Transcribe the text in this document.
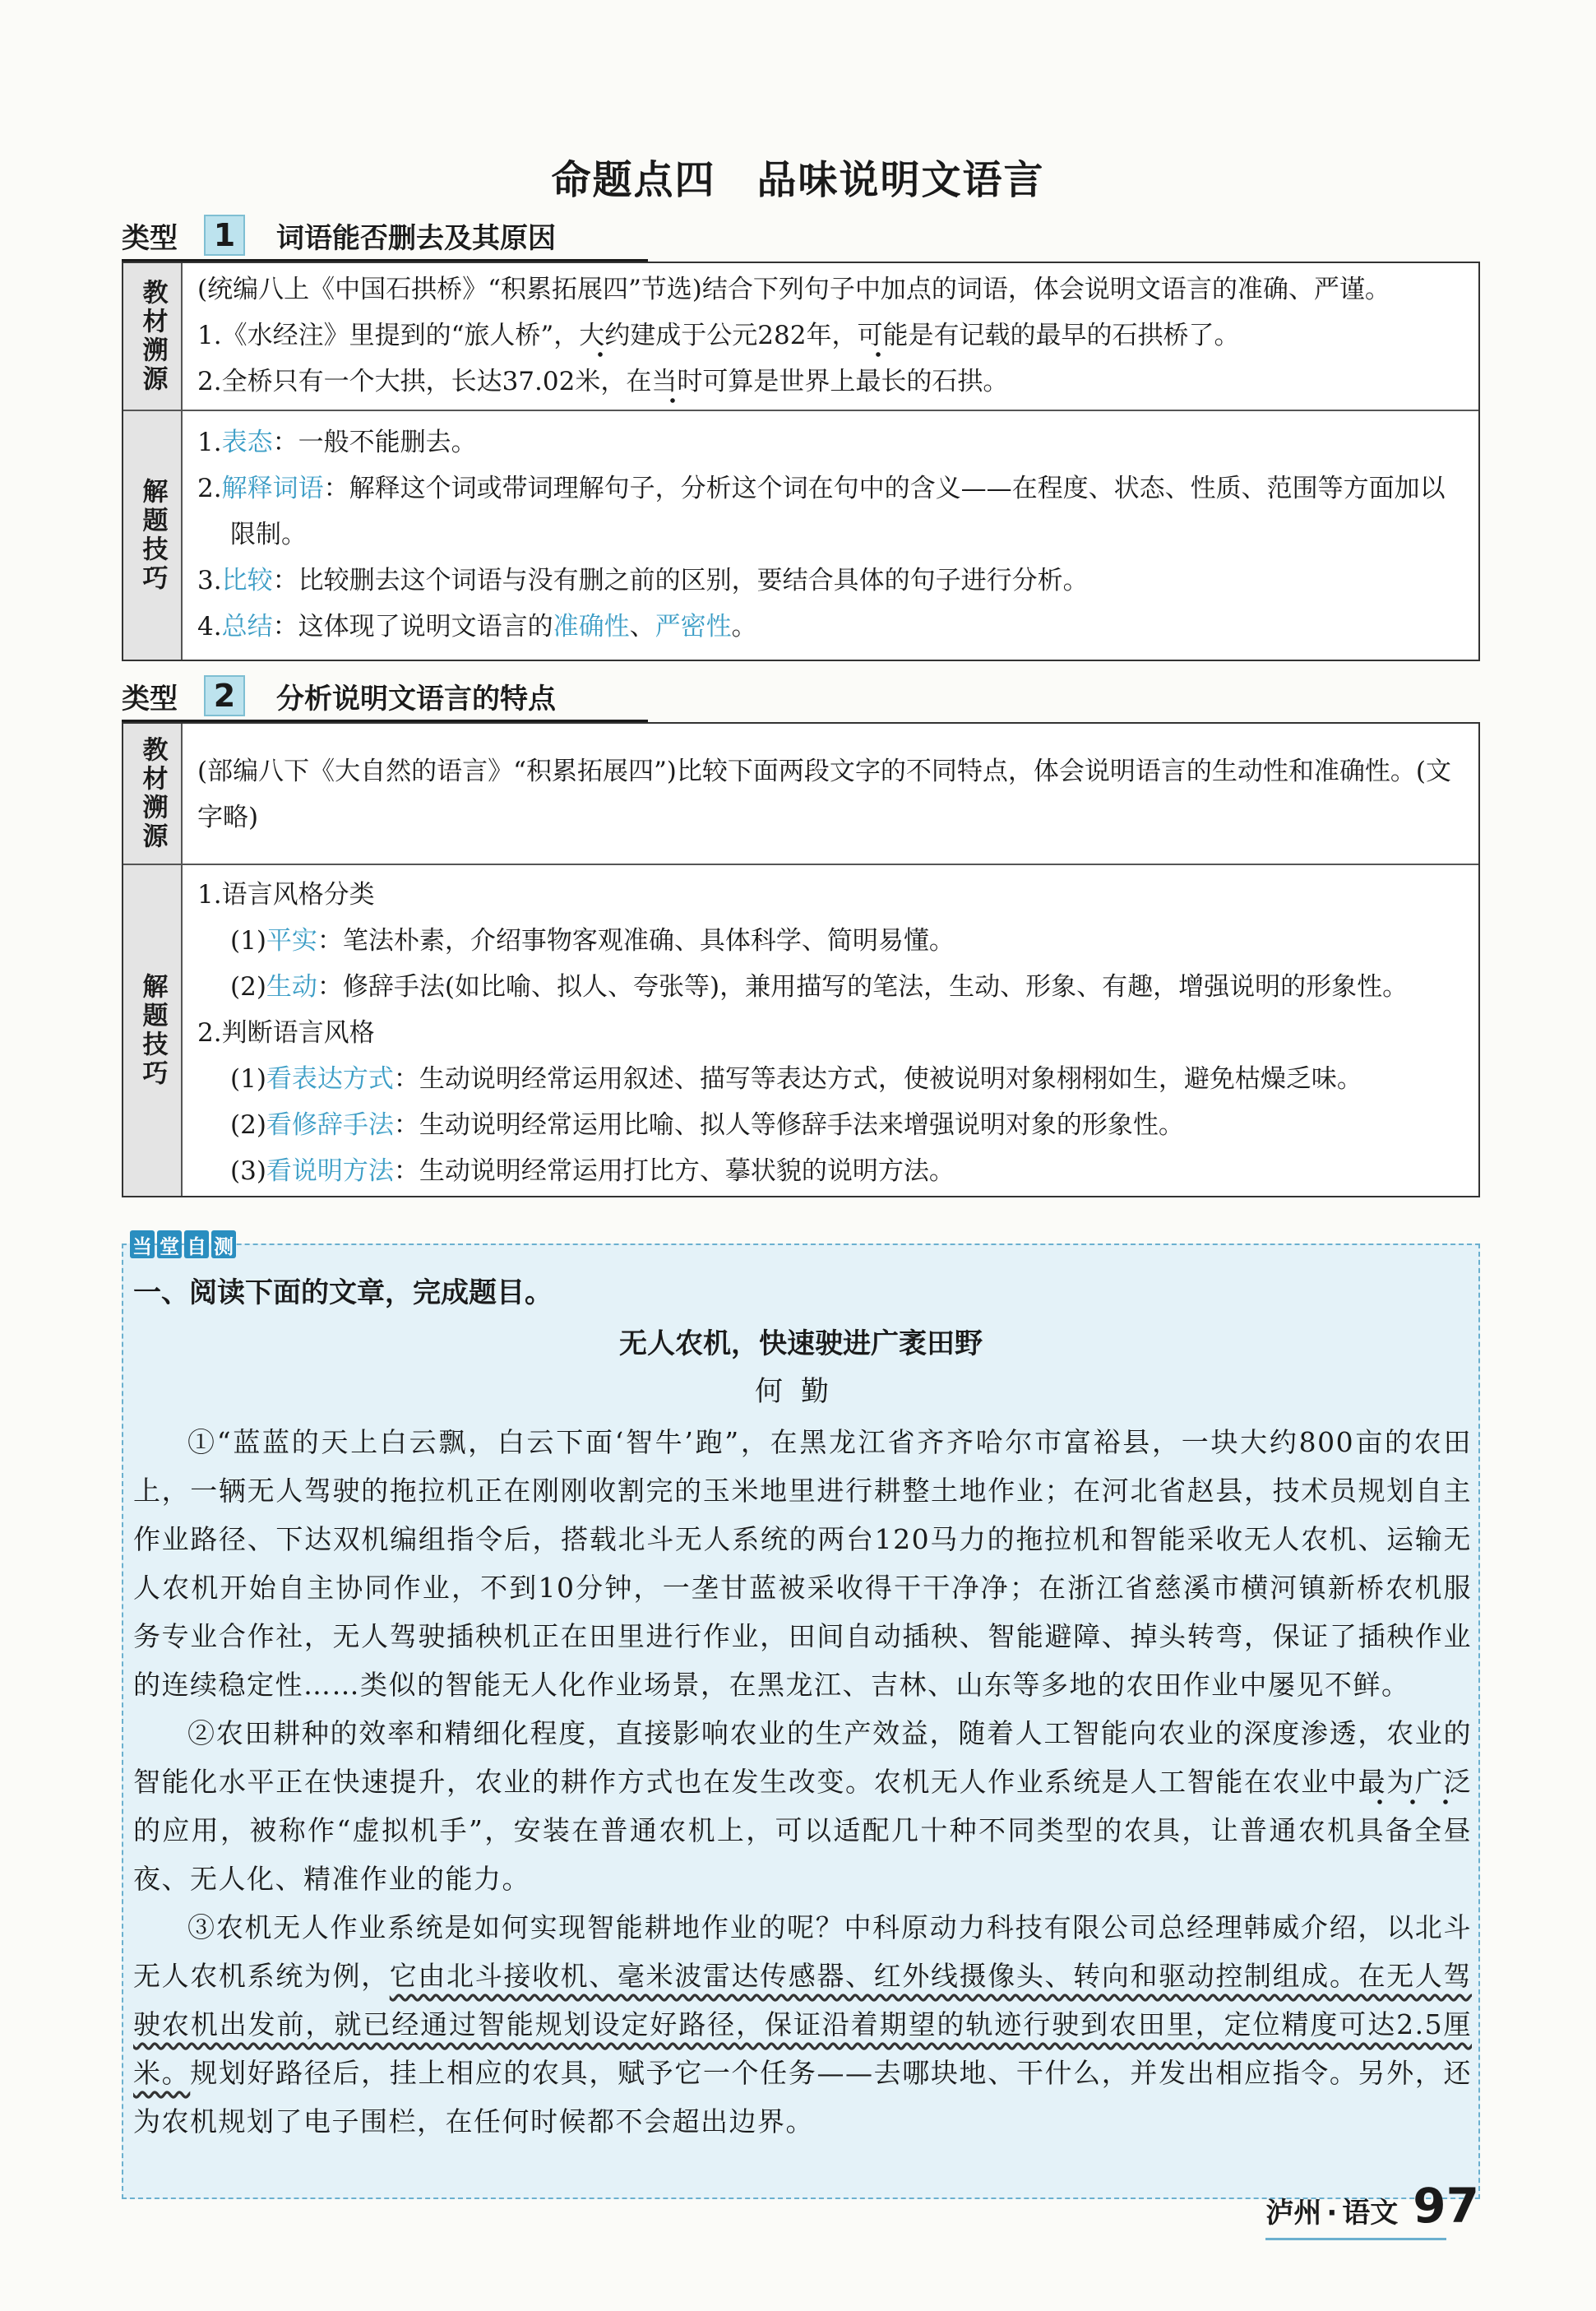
命题点四　品味说明文语言
类型	1	词语能否删去及其原因
教材溯源 (统编八上《中国石拱桥》“积累拓展四”节选)结合下列句子中加点的词语，体会说明文语言的准确、严谨。

1.《水经注》里提到的“旅人桥”，大约建成于公元282年，可能是有记载的最早的石拱桥了。

2.全桥只有一个大拱，长达37.02米，在当时可算是世界上最长的石拱。

解题技巧

1.表态：一般不能删去。

2.解释词语：解释这个词或带词理解句子，分析这个词在句中的含义——在程度、状态、性质、范围等方面加以限制。

3.比较：比较删去这个词语与没有删之前的区别，要结合具体的句子进行分析。

4.总结：这体现了说明文语言的准确性、严密性。

类型	2	分析说明文语言的特点
教材溯源 (部编八下《大自然的语言》“积累拓展四”)比较下面两段文字的不同特点，体会说明语言的生动性和准确性。(文字略)

解题技巧

1.语言风格分类

(1)平实：笔法朴素，介绍事物客观准确、具体科学、简明易懂。

(2)生动：修辞手法(如比喻、拟人、夸张等)，兼用描写的笔法，生动、形象、有趣，增强说明的形象性。

2.判断语言风格

(1)看表达方式：生动说明经常运用叙述、描写等表达方式，使被说明对象栩栩如生，避免枯燥乏味。

(2)看修辞手法：生动说明经常运用比喻、拟人等修辞手法来增强说明对象的形象性。

(3)看说明方法：生动说明经常运用打比方、摹状貌的说明方法。

当 堂 自 测
一、阅读下面的文章，完成题目。
无人农机，快速驶进广袤田野
何勤

①“蓝蓝的天上白云飘，白云下面‘智牛’跑”，在黑龙江省齐齐哈尔市富裕县，一块大约800亩的农田上，一辆无人驾驶的拖拉机正在刚刚收割完的玉米地里进行耕整土地作业；在河北省赵县，技术员规划自主作业路径、下达双机编组指令后，搭载北斗无人系统的两台120马力的拖拉机和智能采收无人农机、运输无人农机开始自主协同作业，不到10分钟，一垄甘蓝被采收得干干净净；在浙江省慈溪市横河镇新桥农机服务专业合作社，无人驾驶插秧机正在田里进行作业，田间自动插秧、智能避障、掉头转弯，保证了插秧作业的连续稳定性……类似的智能无人化作业场景，在黑龙江、吉林、山东等多地的农田作业中屡见不鲜。

②农田耕种的效率和精细化程度，直接影响农业的生产效益，随着人工智能向农业的深度渗透，农业的智能化水平正在快速提升，农业的耕作方式也在发生改变。农机无人作业系统是人工智能在农业中最为广泛的应用，被称作“虚拟机手”，安装在普通农机上，可以适配几十种不同类型的农具，让普通农机具备全昼夜、无人化、精准作业的能力。

③农机无人作业系统是如何实现智能耕地作业的呢？中科原动力科技有限公司总经理韩威介绍，以北斗无人农机系统为例，它由北斗接收机、毫米波雷达传感器、红外线摄像头、转向和驱动控制组成。在无人驾驶农机出发前，就已经通过智能规划设定好路径，保证沿着期望的轨迹行驶到农田里，定位精度可达2.5厘米。规划好路径后，挂上相应的农具，赋予它一个任务——去哪块地、干什么，并发出相应指令。另外，还为农机规划了电子围栏，在任何时候都不会超出边界。

泸州 · 语文 97
